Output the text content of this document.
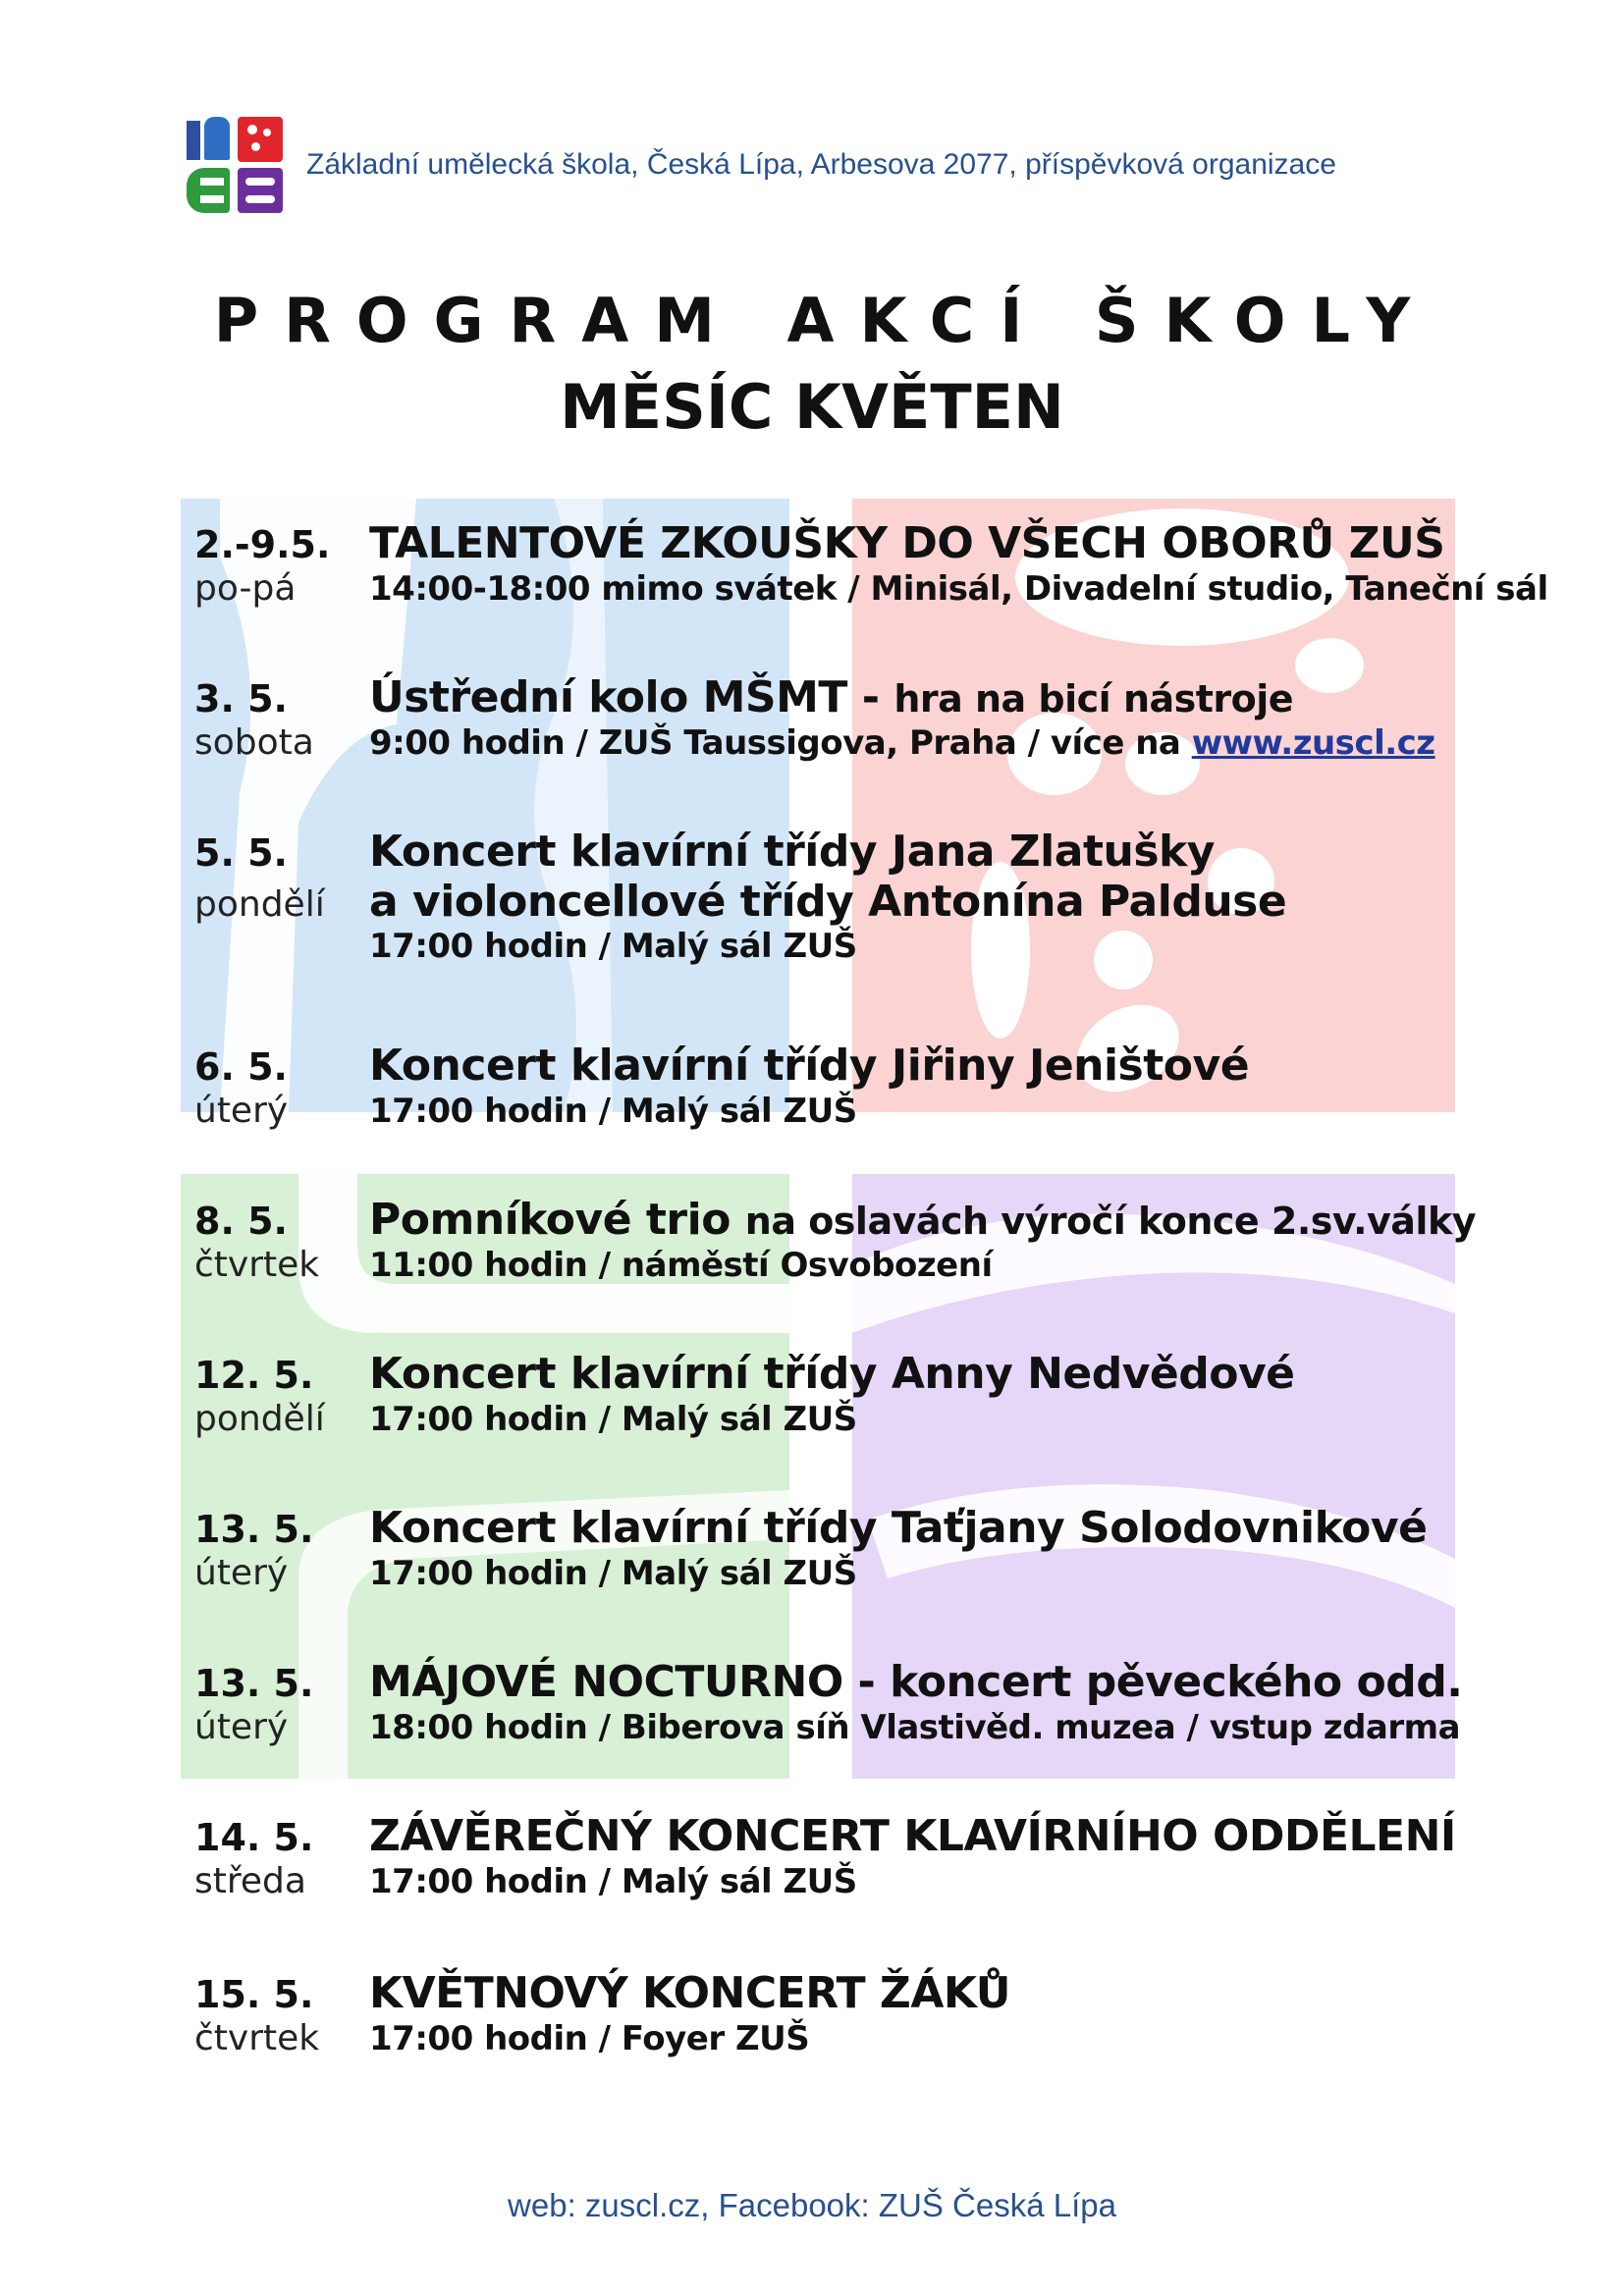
Základní umělecká škola, Česká Lípa, Arbesova 2077, příspěvková organizace
PROGRAM AKCÍ ŠKOLY
MĚSÍC KVĚTEN
2.-9.5. TALENTOVÉ ZKOUŠKY DO VŠECH OBORŮ ZUŠ
po-pá	14:00-18:00 mimo svátek / Minisál, Divadelní studio, Taneční sál
3. 5.	Ústřední kolo MŠMT - hra na bicí nástroje
sobota	9:00 hodin / ZUŠ Taussigova, Praha / více na www.zuscl.cz
5. 5.	Koncert klavírní třídy Jana Zlatušky
pondělí	a violoncellové třídy Antonína Palduse
17:00 hodin / Malý sál ZUŠ
6. 5.	Koncert klavírní třídy Jiřiny Jeništové
úterý	17:00 hodin / Malý sál ZUŠ
8. 5.	Pomníkové trio na oslavách výročí konce 2.sv.války
čtvrtek	11:00 hodin / náměstí Osvobození
12. 5.	Koncert klavírní třídy Anny Nedvědové
pondělí	17:00 hodin / Malý sál ZUŠ
13. 5.	Koncert klavírní třídy Taťjany Solodovnikové
úterý	17:00 hodin / Malý sál ZUŠ
13. 5.	MÁJOVÉ NOCTURNO - koncert pěveckého odd.
úterý	18:00 hodin / Biberova síň Vlastivěd. muzea / vstup zdarma
14. 5.	ZÁVĚREČNÝ KONCERT KLAVÍRNÍHO ODDĚLENÍ
středa	17:00 hodin / Malý sál ZUŠ
15. 5.	KVĚTNOVÝ KONCERT ŽÁKŮ
čtvrtek	17:00 hodin / Foyer ZUŠ
web: zuscl.cz, Facebook: ZUŠ Česká Lípa
